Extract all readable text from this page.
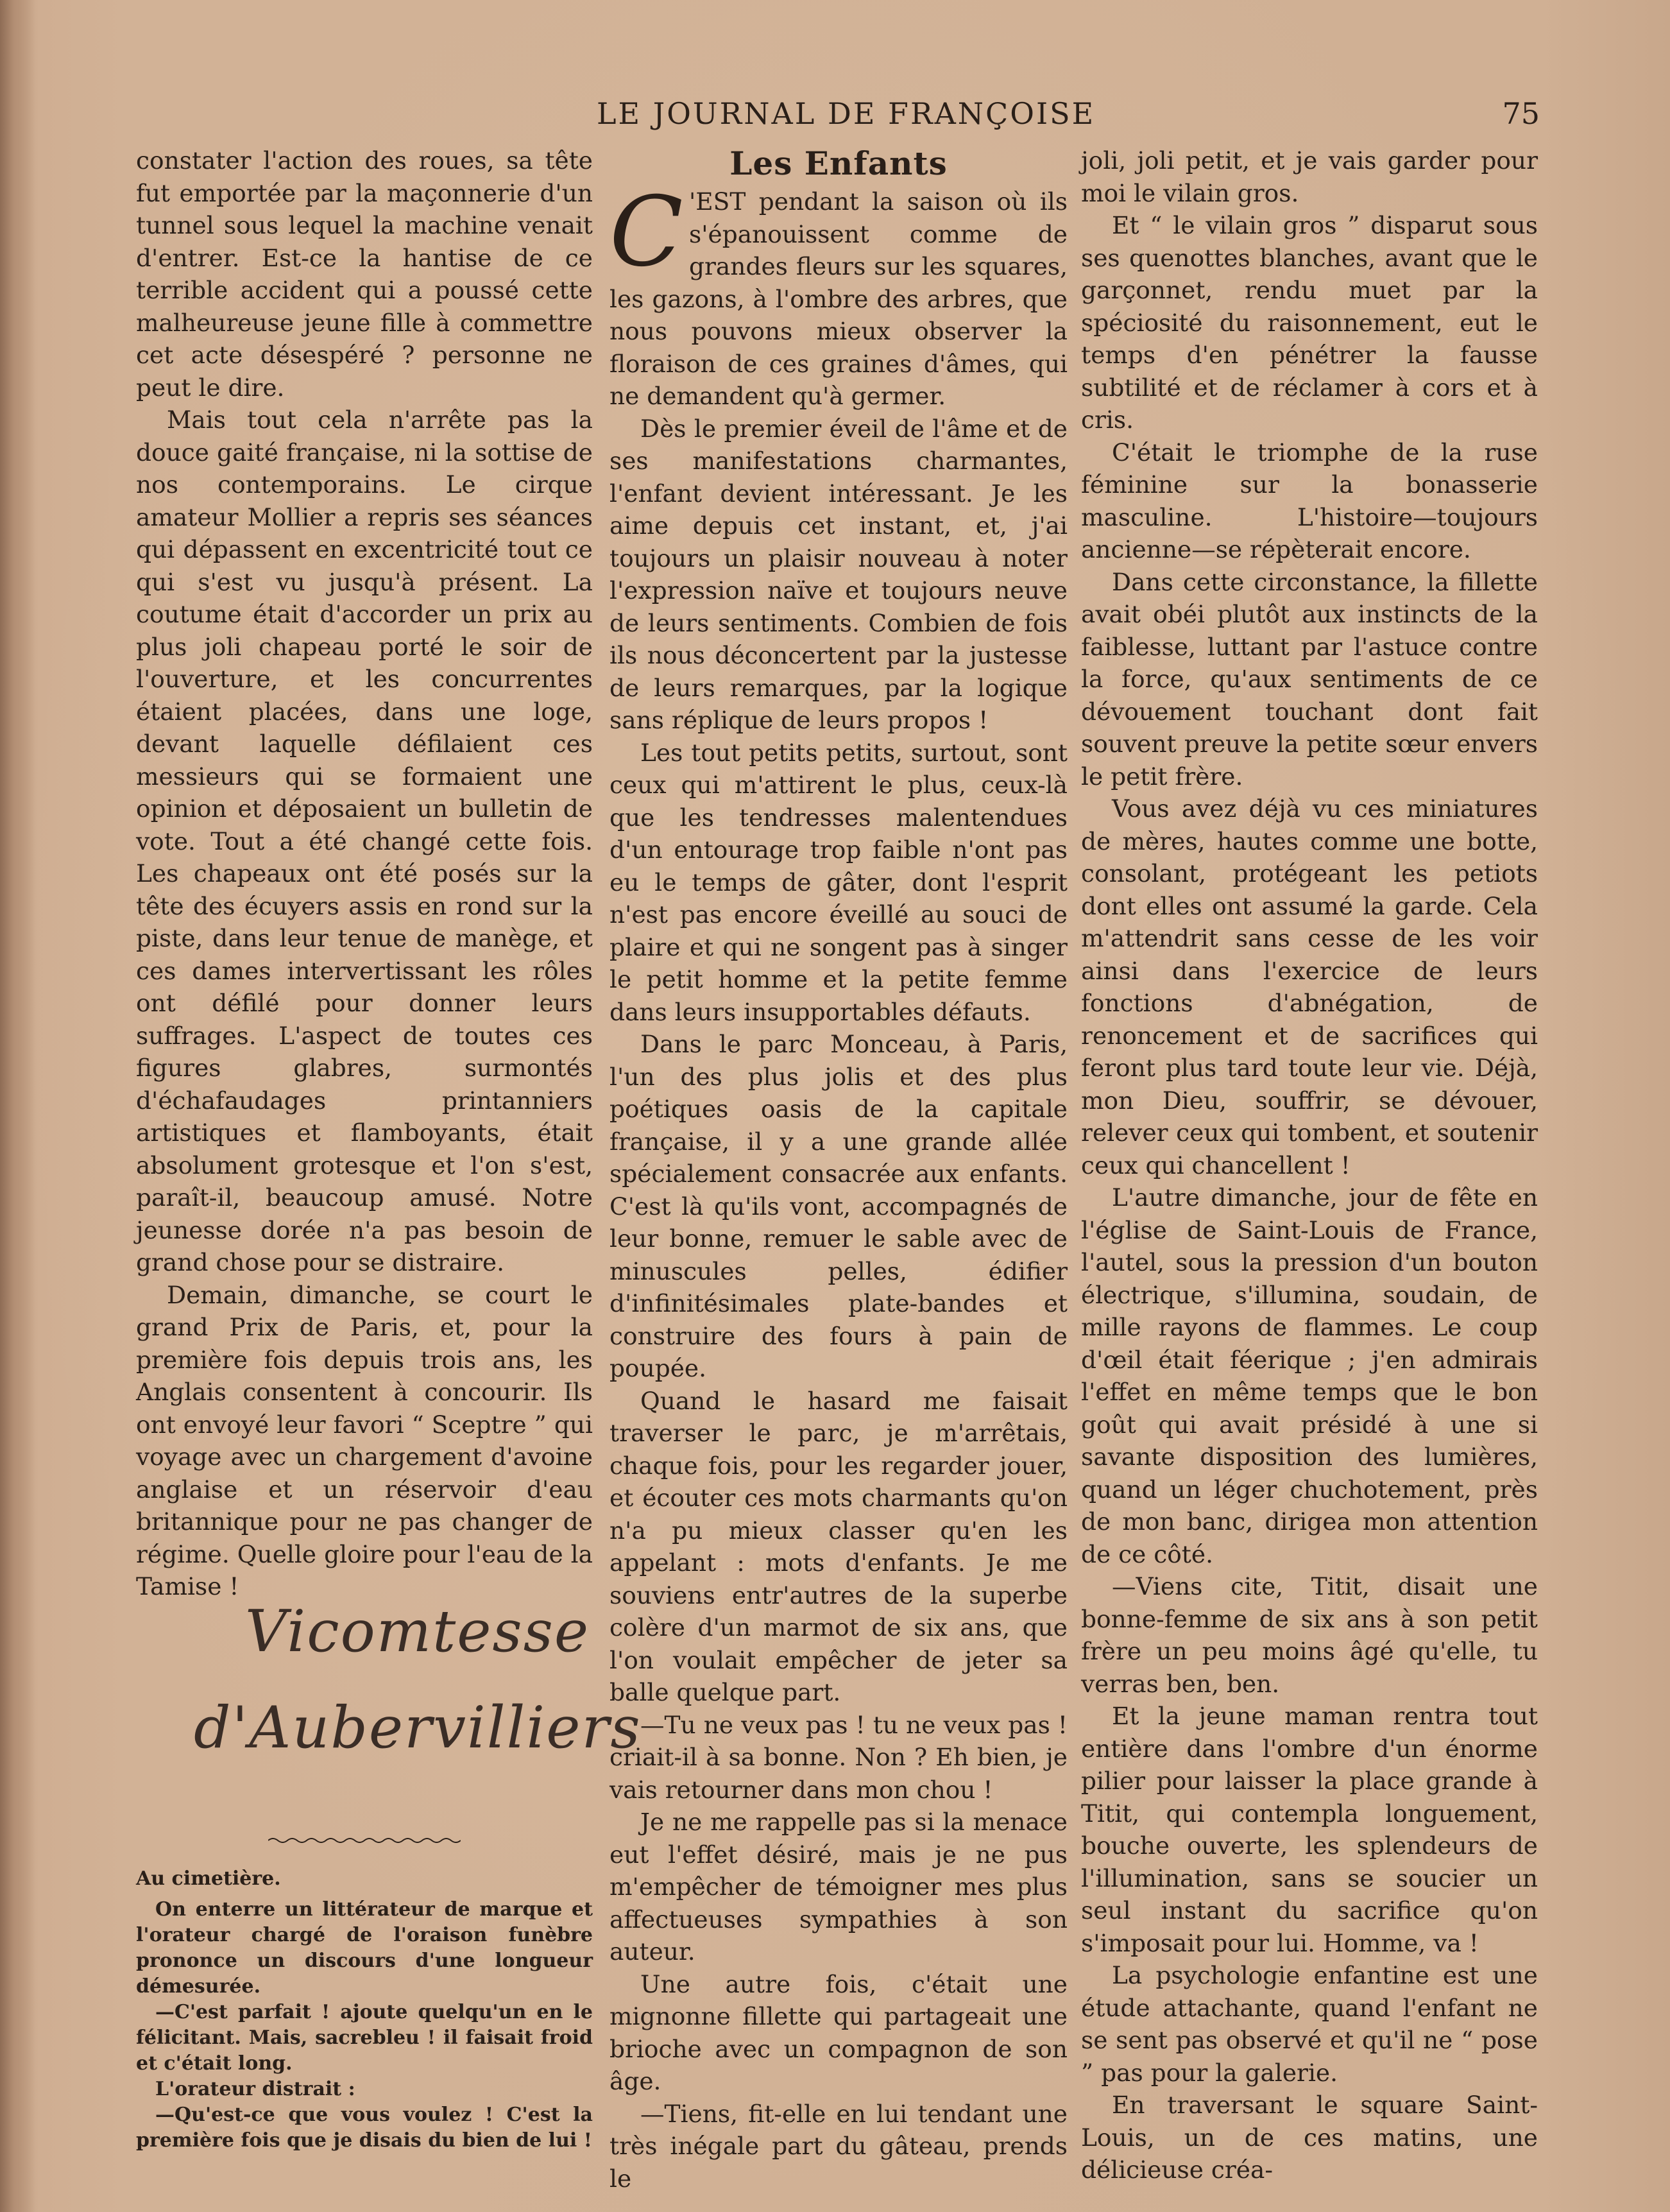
LE JOURNAL DE FRANÇOISE	75

constater l'action des roues, sa tête fut emportée par la maçonnerie d'un tunnel sous lequel la machine venait d'entrer. Est-ce la hantise de ce terrible accident qui a poussé cette malheureuse jeune fille à commettre cet acte désespéré ? personne ne peut le dire.

Mais tout cela n'arrête pas la douce gaité française, ni la sottise de nos contemporains. Le cirque amateur Mollier a repris ses séances qui dépassent en excentricité tout ce qui s'est vu jusqu'à présent. La coutume était d'accorder un prix au plus joli chapeau porté le soir de l'ouverture, et les concurrentes étaient placées, dans une loge, devant laquelle défilaient ces messieurs qui se formaient une opinion et déposaient un bulletin de vote. Tout a été changé cette fois. Les chapeaux ont été posés sur la tête des écuyers assis en rond sur la piste, dans leur tenue de manège, et ces dames intervertissant les rôles ont défilé pour donner leurs suffrages. L'aspect de toutes ces figures glabres, surmontés d'échafaudages printanniers artistiques et flamboyants, était absolument grotesque et l'on s'est, paraît-il, beaucoup amusé. Notre jeunesse dorée n'a pas besoin de grand chose pour se distraire.

Demain, dimanche, se court le grand Prix de Paris, et, pour la première fois depuis trois ans, les Anglais consentent à concourir. Ils ont envoyé leur favori “ Sceptre ” qui voyage avec un chargement d'avoine anglaise et un réservoir d'eau britannique pour ne pas changer de régime. Quelle gloire pour l'eau de la Tamise !

Vicomtesse
d'Aubervilliers

Au cimetière.

On enterre un littérateur de marque et l'orateur chargé de l'oraison funèbre prononce un discours d'une longueur démesurée.

—C'est parfait ! ajoute quelqu'un en le félicitant. Mais, sacrebleu ! il faisait froid et c'était long.

L'orateur distrait :

—Qu'est-ce que vous voulez ! C'est la première fois que je disais du bien de lui !

Les Enfants

C 'EST pendant la saison où ils s'épanouissent comme de grandes fleurs sur les squares, les gazons, à l'ombre des arbres, que nous pouvons mieux observer la floraison de ces graines d'âmes, qui ne demandent qu'à germer.

Dès le premier éveil de l'âme et de ses manifestations charmantes, l'enfant devient intéressant. Je les aime depuis cet instant, et, j'ai toujours un plaisir nouveau à noter l'expression naïve et toujours neuve de leurs sentiments. Combien de fois ils nous déconcertent par la justesse de leurs remarques, par la logique sans réplique de leurs propos !

Les tout petits petits, surtout, sont ceux qui m'attirent le plus, ceux-là que les tendresses malentendues d'un entourage trop faible n'ont pas eu le temps de gâter, dont l'esprit n'est pas encore éveillé au souci de plaire et qui ne songent pas à singer le petit homme et la petite femme dans leurs insupportables défauts.

Dans le parc Monceau, à Paris, l'un des plus jolis et des plus poétiques oasis de la capitale française, il y a une grande allée spécialement consacrée aux enfants. C'est là qu'ils vont, accompagnés de leur bonne, remuer le sable avec de minuscules pelles, édifier d'infinitésimales plate-bandes et construire des fours à pain de poupée.

Quand le hasard me faisait traverser le parc, je m'arrêtais, chaque fois, pour les regarder jouer, et écouter ces mots charmants qu'on n'a pu mieux classer qu'en les appelant : mots d'enfants. Je me souviens entr'autres de la superbe colère d'un marmot de six ans, que l'on voulait empêcher de jeter sa balle quelque part.

—Tu ne veux pas ! tu ne veux pas ! criait-il à sa bonne. Non ? Eh bien, je vais retourner dans mon chou !

Je ne me rappelle pas si la menace eut l'effet désiré, mais je ne pus m'empêcher de témoigner mes plus affectueuses sympathies à son auteur.

Une autre fois, c'était une mignonne fillette qui partageait une brioche avec un compagnon de son âge.

—Tiens, fit-elle en lui tendant une très inégale part du gâteau, prends le

joli, joli petit, et je vais garder pour moi le vilain gros.

Et “ le vilain gros ” disparut sous ses quenottes blanches, avant que le garçonnet, rendu muet par la spéciosité du raisonnement, eut le temps d'en pénétrer la fausse subtilité et de réclamer à cors et à cris.

C'était le triomphe de la ruse féminine sur la bonasserie masculine. L'histoire—toujours ancienne—se répèterait encore.

Dans cette circonstance, la fillette avait obéi plutôt aux instincts de la faiblesse, luttant par l'astuce contre la force, qu'aux sentiments de ce dévouement touchant dont fait souvent preuve la petite sœur envers le petit frère.

Vous avez déjà vu ces miniatures de mères, hautes comme une botte, consolant, protégeant les petiots dont elles ont assumé la garde. Cela m'attendrit sans cesse de les voir ainsi dans l'exercice de leurs fonctions d'abnégation, de renoncement et de sacrifices qui feront plus tard toute leur vie. Déjà, mon Dieu, souffrir, se dévouer, relever ceux qui tombent, et soutenir ceux qui chancellent !

L'autre dimanche, jour de fête en l'église de Saint-Louis de France, l'autel, sous la pression d'un bouton électrique, s'illumina, soudain, de mille rayons de flammes. Le coup d'œil était féerique ; j'en admirais l'effet en même temps que le bon goût qui avait présidé à une si savante disposition des lumières, quand un léger chuchotement, près de mon banc, dirigea mon attention de ce côté.

—Viens cite, Titit, disait une bonne-femme de six ans à son petit frère un peu moins âgé qu'elle, tu verras ben, ben.

Et la jeune maman rentra tout entière dans l'ombre d'un énorme pilier pour laisser la place grande à Titit, qui contempla longuement, bouche ouverte, les splendeurs de l'illumination, sans se soucier un seul instant du sacrifice qu'on s'imposait pour lui. Homme, va !

La psychologie enfantine est une étude attachante, quand l'enfant ne se sent pas observé et qu'il ne “ pose ” pas pour la galerie.

En traversant le square Saint-Louis, un de ces matins, une délicieuse créa-
